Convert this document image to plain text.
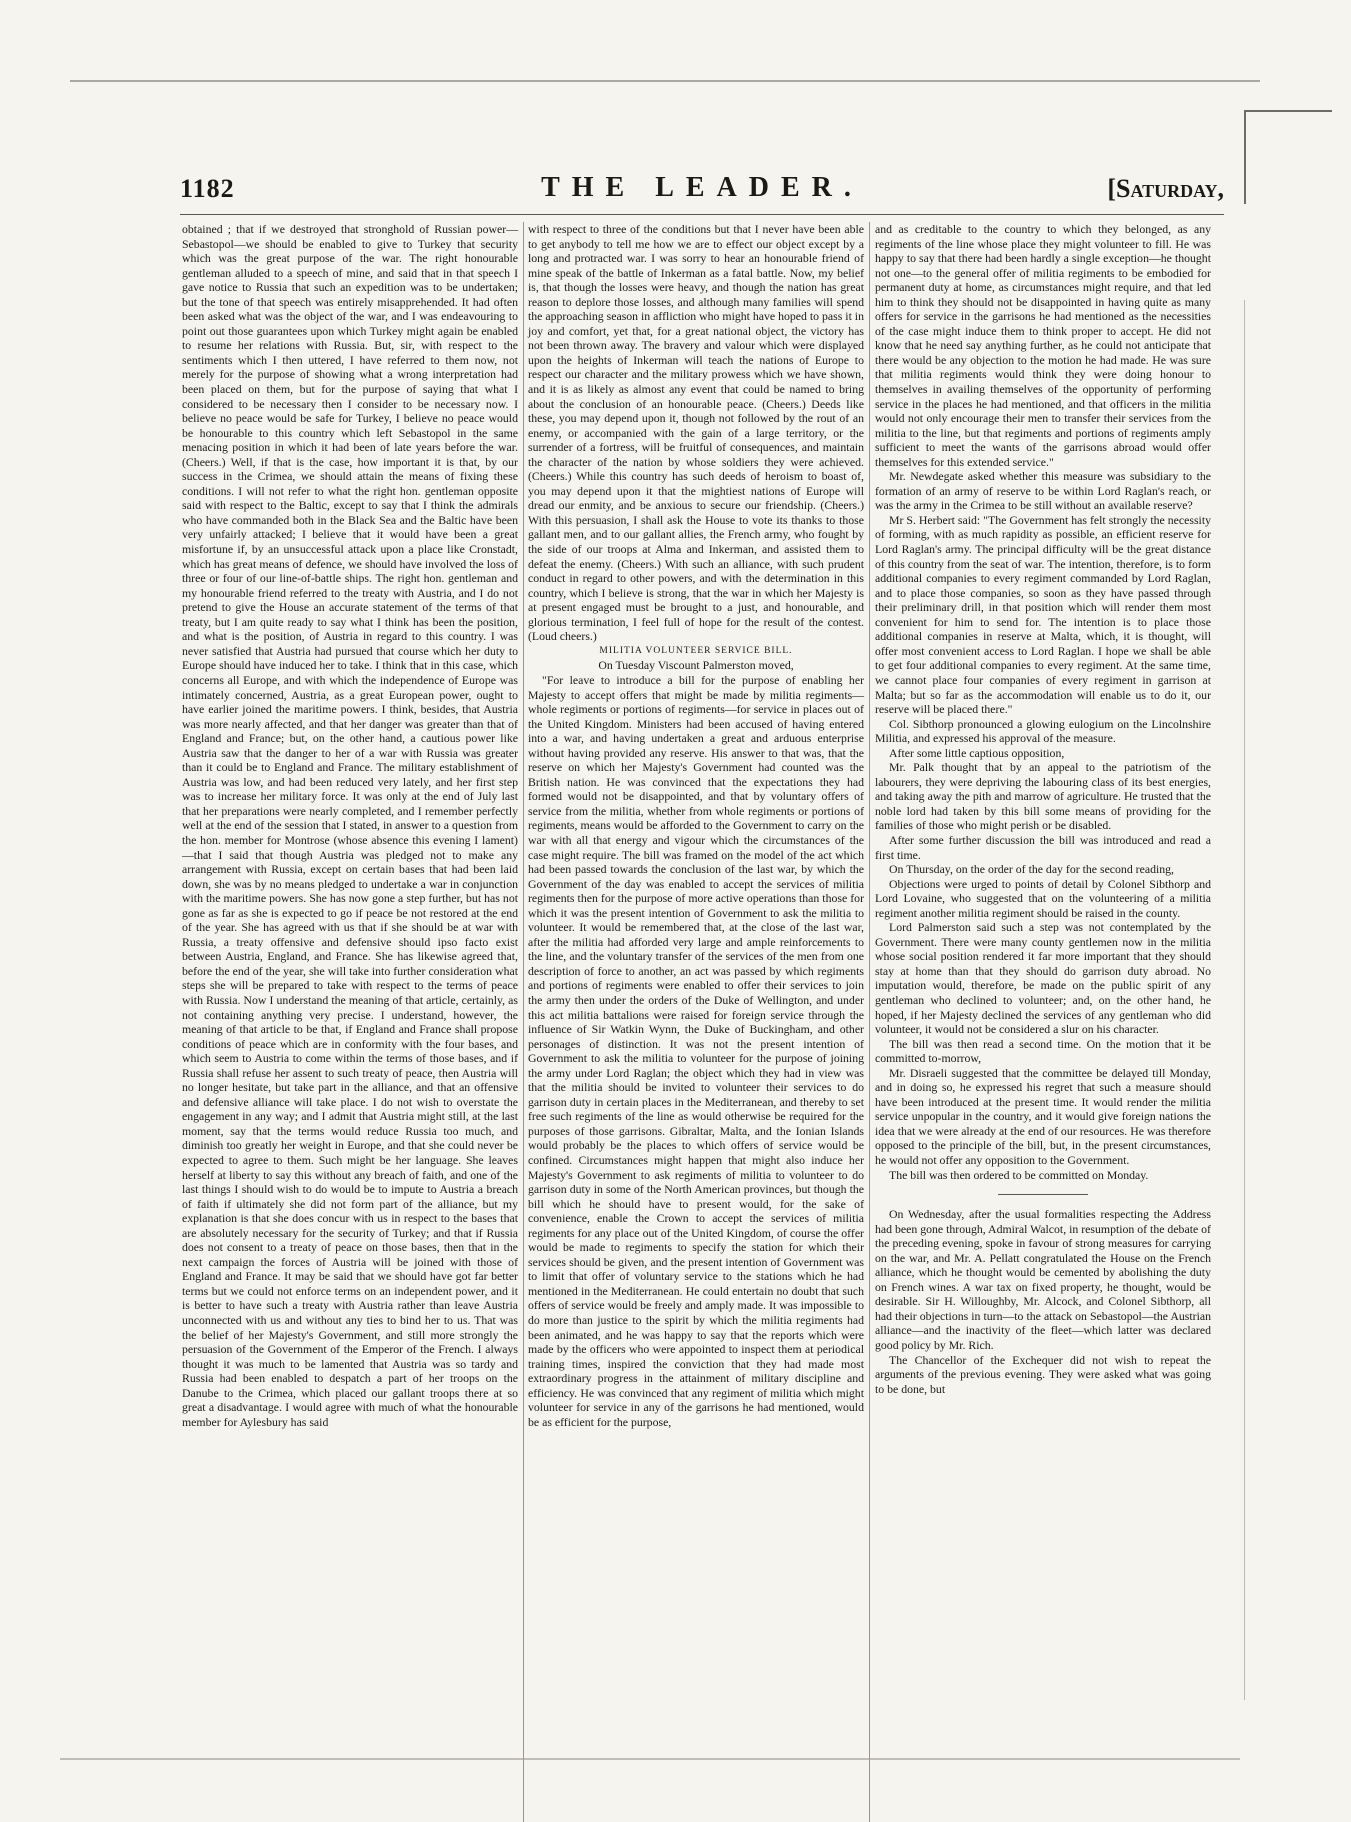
1182	THE LEADER.	[Saturday,

obtained ; that if we destroyed that stronghold of Russian power—Sebastopol—we should be enabled to give to Turkey that security which was the great purpose of the war. The right honourable gentleman alluded to a speech of mine, and said that in that speech I gave notice to Russia that such an expedition was to be undertaken; but the tone of that speech was entirely misapprehended. It had often been asked what was the object of the war, and I was endeavouring to point out those guarantees upon which Turkey might again be enabled to resume her relations with Russia. But, sir, with respect to the sentiments which I then uttered, I have referred to them now, not merely for the purpose of showing what a wrong interpretation had been placed on them, but for the purpose of saying that what I considered to be necessary then I consider to be necessary now. I believe no peace would be safe for Turkey, I believe no peace would be honourable to this country which left Sebastopol in the same menacing position in which it had been of late years before the war. (Cheers.) Well, if that is the case, how important it is that, by our success in the Crimea, we should attain the means of fixing these conditions. I will not refer to what the right hon. gentleman opposite said with respect to the Baltic, except to say that I think the admirals who have commanded both in the Black Sea and the Baltic have been very unfairly attacked; I believe that it would have been a great misfortune if, by an unsuccessful attack upon a place like Cronstadt, which has great means of defence, we should have involved the loss of three or four of our line-of-battle ships. The right hon. gentleman and my honourable friend referred to the treaty with Austria, and I do not pretend to give the House an accurate statement of the terms of that treaty, but I am quite ready to say what I think has been the position, and what is the position, of Austria in regard to this country. I was never satisfied that Austria had pursued that course which her duty to Europe should have induced her to take. I think that in this case, which concerns all Europe, and with which the independence of Europe was intimately concerned, Austria, as a great European power, ought to have earlier joined the maritime powers. I think, besides, that Austria was more nearly affected, and that her danger was greater than that of England and France; but, on the other hand, a cautious power like Austria saw that the danger to her of a war with Russia was greater than it could be to England and France. The military establishment of Austria was low, and had been reduced very lately, and her first step was to increase her military force. It was only at the end of July last that her preparations were nearly completed, and I remember perfectly well at the end of the session that I stated, in answer to a question from the hon. member for Montrose (whose absence this evening I lament)—that I said that though Austria was pledged not to make any arrangement with Russia, except on certain bases that had been laid down, she was by no means pledged to undertake a war in conjunction with the maritime powers. She has now gone a step further, but has not gone as far as she is expected to go if peace be not restored at the end of the year. She has agreed with us that if she should be at war with Russia, a treaty offensive and defensive should ipso facto exist between Austria, England, and France. She has likewise agreed that, before the end of the year, she will take into further consideration what steps she will be prepared to take with respect to the terms of peace with Russia. Now I understand the meaning of that article, certainly, as not containing anything very precise. I understand, however, the meaning of that article to be that, if England and France shall propose conditions of peace which are in conformity with the four bases, and which seem to Austria to come within the terms of those bases, and if Russia shall refuse her assent to such treaty of peace, then Austria will no longer hesitate, but take part in the alliance, and that an offensive and defensive alliance will take place. I do not wish to overstate the engagement in any way; and I admit that Austria might still, at the last moment, say that the terms would reduce Russia too much, and diminish too greatly her weight in Europe, and that she could never be expected to agree to them. Such might be her language. She leaves herself at liberty to say this without any breach of faith, and one of the last things I should wish to do would be to impute to Austria a breach of faith if ultimately she did not form part of the alliance, but my explanation is that she does concur with us in respect to the bases that are absolutely necessary for the security of Turkey; and that if Russia does not consent to a treaty of peace on those bases, then that in the next campaign the forces of Austria will be joined with those of England and France. It may be said that we should have got far better terms but we could not enforce terms on an independent power, and it is better to have such a treaty with Austria rather than leave Austria unconnected with us and without any ties to bind her to us. That was the belief of her Majesty's Government, and still more strongly the persuasion of the Government of the Emperor of the French. I always thought it was much to be lamented that Austria was so tardy and Russia had been enabled to despatch a part of her troops on the Danube to the Crimea, which placed our gallant troops there at so great a disadvantage. I would agree with much of what the honourable member for Aylesbury has said

with respect to three of the conditions but that I never have been able to get anybody to tell me how we are to effect our object except by a long and protracted war. I was sorry to hear an honourable friend of mine speak of the battle of Inkerman as a fatal battle. Now, my belief is, that though the losses were heavy, and though the nation has great reason to deplore those losses, and although many families will spend the approaching season in affliction who might have hoped to pass it in joy and comfort, yet that, for a great national object, the victory has not been thrown away. The bravery and valour which were displayed upon the heights of Inkerman will teach the nations of Europe to respect our character and the military prowess which we have shown, and it is as likely as almost any event that could be named to bring about the conclusion of an honourable peace. (Cheers.) Deeds like these, you may depend upon it, though not followed by the rout of an enemy, or accompanied with the gain of a large territory, or the surrender of a fortress, will be fruitful of consequences, and maintain the character of the nation by whose soldiers they were achieved. (Cheers.) While this country has such deeds of heroism to boast of, you may depend upon it that the mightiest nations of Europe will dread our enmity, and be anxious to secure our friendship. (Cheers.) With this persuasion, I shall ask the House to vote its thanks to those gallant men, and to our gallant allies, the French army, who fought by the side of our troops at Alma and Inkerman, and assisted them to defeat the enemy. (Cheers.) With such an alliance, with such prudent conduct in regard to other powers, and with the determination in this country, which I believe is strong, that the war in which her Majesty is at present engaged must be brought to a just, and honourable, and glorious termination, I feel full of hope for the result of the contest. (Loud cheers.)

MILITIA VOLUNTEER SERVICE BILL.

On Tuesday Viscount Palmerston moved,

"For leave to introduce a bill for the purpose of enabling her Majesty to accept offers that might be made by militia regiments—whole regiments or portions of regiments—for service in places out of the United Kingdom. Ministers had been accused of having entered into a war, and having undertaken a great and arduous enterprise without having provided any reserve. His answer to that was, that the reserve on which her Majesty's Government had counted was the British nation. He was convinced that the expectations they had formed would not be disappointed, and that by voluntary offers of service from the militia, whether from whole regiments or portions of regiments, means would be afforded to the Government to carry on the war with all that energy and vigour which the circumstances of the case might require. The bill was framed on the model of the act which had been passed towards the conclusion of the last war, by which the Government of the day was enabled to accept the services of militia regiments then for the purpose of more active operations than those for which it was the present intention of Government to ask the militia to volunteer. It would be remembered that, at the close of the last war, after the militia had afforded very large and ample reinforcements to the line, and the voluntary transfer of the services of the men from one description of force to another, an act was passed by which regiments and portions of regiments were enabled to offer their services to join the army then under the orders of the Duke of Wellington, and under this act militia battalions were raised for foreign service through the influence of Sir Watkin Wynn, the Duke of Buckingham, and other personages of distinction. It was not the present intention of Government to ask the militia to volunteer for the purpose of joining the army under Lord Raglan; the object which they had in view was that the militia should be invited to volunteer their services to do garrison duty in certain places in the Mediterranean, and thereby to set free such regiments of the line as would otherwise be required for the purposes of those garrisons. Gibraltar, Malta, and the Ionian Islands would probably be the places to which offers of service would be confined. Circumstances might happen that might also induce her Majesty's Government to ask regiments of militia to volunteer to do garrison duty in some of the North American provinces, but though the bill which he should have to present would, for the sake of convenience, enable the Crown to accept the services of militia regiments for any place out of the United Kingdom, of course the offer would be made to regiments to specify the station for which their services should be given, and the present intention of Government was to limit that offer of voluntary service to the stations which he had mentioned in the Mediterranean. He could entertain no doubt that such offers of service would be freely and amply made. It was impossible to do more than justice to the spirit by which the militia regiments had been animated, and he was happy to say that the reports which were made by the officers who were appointed to inspect them at periodical training times, inspired the conviction that they had made most extraordinary progress in the attainment of military discipline and efficiency. He was convinced that any regiment of militia which might volunteer for service in any of the garrisons he had mentioned, would be as efficient for the purpose,

and as creditable to the country to which they belonged, as any regiments of the line whose place they might volunteer to fill. He was happy to say that there had been hardly a single exception—he thought not one—to the general offer of militia regiments to be embodied for permanent duty at home, as circumstances might require, and that led him to think they should not be disappointed in having quite as many offers for service in the garrisons he had mentioned as the necessities of the case might induce them to think proper to accept. He did not know that he need say anything further, as he could not anticipate that there would be any objection to the motion he had made. He was sure that militia regiments would think they were doing honour to themselves in availing themselves of the opportunity of performing service in the places he had mentioned, and that officers in the militia would not only encourage their men to transfer their services from the militia to the line, but that regiments and portions of regiments amply sufficient to meet the wants of the garrisons abroad would offer themselves for this extended service."

Mr. Newdegate asked whether this measure was subsidiary to the formation of an army of reserve to be within Lord Raglan's reach, or was the army in the Crimea to be still without an available reserve?

Mr S. Herbert said: "The Government has felt strongly the necessity of forming, with as much rapidity as possible, an efficient reserve for Lord Raglan's army. The principal difficulty will be the great distance of this country from the seat of war. The intention, therefore, is to form additional companies to every regiment commanded by Lord Raglan, and to place those companies, so soon as they have passed through their preliminary drill, in that position which will render them most convenient for him to send for. The intention is to place those additional companies in reserve at Malta, which, it is thought, will offer most convenient access to Lord Raglan. I hope we shall be able to get four additional companies to every regiment. At the same time, we cannot place four companies of every regiment in garrison at Malta; but so far as the accommodation will enable us to do it, our reserve will be placed there."

Col. Sibthorp pronounced a glowing eulogium on the Lincolnshire Militia, and expressed his approval of the measure.

After some little captious opposition,

Mr. Palk thought that by an appeal to the patriotism of the labourers, they were depriving the labouring class of its best energies, and taking away the pith and marrow of agriculture. He trusted that the noble lord had taken by this bill some means of providing for the families of those who might perish or be disabled.

After some further discussion the bill was introduced and read a first time.

On Thursday, on the order of the day for the second reading,

Objections were urged to points of detail by Colonel Sibthorp and Lord Lovaine, who suggested that on the volunteering of a militia regiment another militia regiment should be raised in the county.

Lord Palmerston said such a step was not contemplated by the Government. There were many county gentlemen now in the militia whose social position rendered it far more important that they should stay at home than that they should do garrison duty abroad. No imputation would, therefore, be made on the public spirit of any gentleman who declined to volunteer; and, on the other hand, he hoped, if her Majesty declined the services of any gentleman who did volunteer, it would not be considered a slur on his character.

The bill was then read a second time. On the motion that it be committed to-morrow,

Mr. Disraeli suggested that the committee be delayed till Monday, and in doing so, he expressed his regret that such a measure should have been introduced at the present time. It would render the militia service unpopular in the country, and it would give foreign nations the idea that we were already at the end of our resources. He was therefore opposed to the principle of the bill, but, in the present circumstances, he would not offer any opposition to the Government.

The bill was then ordered to be committed on Monday.

On Wednesday, after the usual formalities respecting the Address had been gone through, Admiral Walcot, in resumption of the debate of the preceding evening, spoke in favour of strong measures for carrying on the war, and Mr. A. Pellatt congratulated the House on the French alliance, which he thought would be cemented by abolishing the duty on French wines. A war tax on fixed property, he thought, would be desirable. Sir H. Willoughby, Mr. Alcock, and Colonel Sibthorp, all had their objections in turn—to the attack on Sebastopol—the Austrian alliance—and the inactivity of the fleet—which latter was declared good policy by Mr. Rich.

The Chancellor of the Exchequer did not wish to repeat the arguments of the previous evening. They were asked what was going to be done, but
